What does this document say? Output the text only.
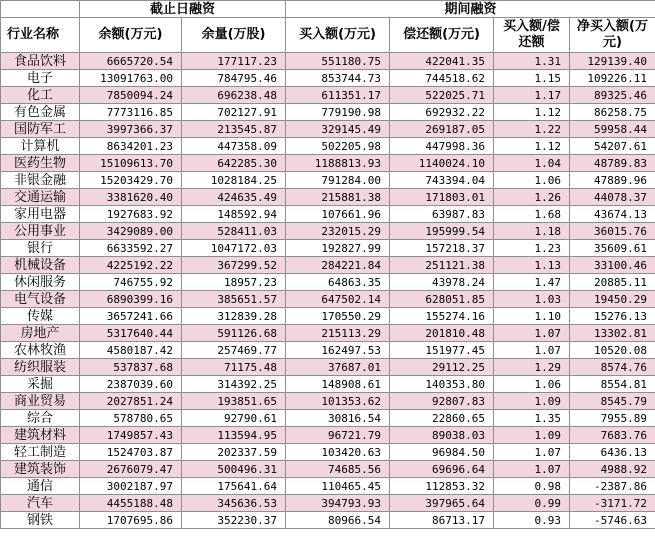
	截止日融资		期间融资			
行业名称	余额(万元)	余量(万股)	买入额(万元)	偿还额(万元)	买入额/偿还额	净买入额(万元)
食品饮料	6665720.54	177117.23	551180.75	422041.35	1.31	129139.40
电子	13091763.00	784795.46	853744.73	744518.62	1.15	109226.11
化工	7850094.24	696238.48	611351.17	522025.71	1.17	89325.46
有色金属	7773116.85	702127.91	779190.98	692932.22	1.12	86258.75
国防军工	3997366.37	213545.87	329145.49	269187.05	1.22	59958.44
计算机	8634201.23	447358.09	502205.98	447998.36	1.12	54207.61
医药生物	15109613.70	642285.30	1188813.93	1140024.10	1.04	48789.83
非银金融	15203429.70	1028184.25	791284.00	743394.04	1.06	47889.96
交通运输	3381620.40	424635.49	215881.38	171803.01	1.26	44078.37
家用电器	1927683.92	148592.94	107661.96	63987.83	1.68	43674.13
公用事业	3429089.00	528411.03	232015.29	195999.54	1.18	36015.76
银行	6633592.27	1047172.03	192827.99	157218.37	1.23	35609.61
机械设备	4225192.22	367299.52	284221.84	251121.38	1.13	33100.46
休闲服务	746755.92	18957.23	64863.35	43978.24	1.47	20885.11
电气设备	6890399.16	385651.57	647502.14	628051.85	1.03	19450.29
传媒	3657241.66	312839.28	170550.29	155274.16	1.10	15276.13
房地产	5317640.44	591126.68	215113.29	201810.48	1.07	13302.81
农林牧渔	4580187.42	257469.77	162497.53	151977.45	1.07	10520.08
纺织服装	537837.68	71175.48	37687.01	29112.25	1.29	8574.76
采掘	2387039.60	314392.25	148908.61	140353.80	1.06	8554.81
商业贸易	2027851.24	193851.65	101353.62	92807.83	1.09	8545.79
综合	578780.65	92790.61	30816.54	22860.65	1.35	7955.89
建筑材料	1749857.43	113594.95	96721.79	89038.03	1.09	7683.76
轻工制造	1524703.87	202337.59	103420.63	96984.50	1.07	6436.13
建筑装饰	2676079.47	500496.31	74685.56	69696.64	1.07	4988.92
通信	3002187.97	175641.64	110465.45	112853.32	0.98	-2387.86
汽车	4455188.48	345636.53	394793.93	397965.64	0.99	-3171.72
钢铁	1707695.86	352230.37	80966.54	86713.17	0.93	-5746.63
